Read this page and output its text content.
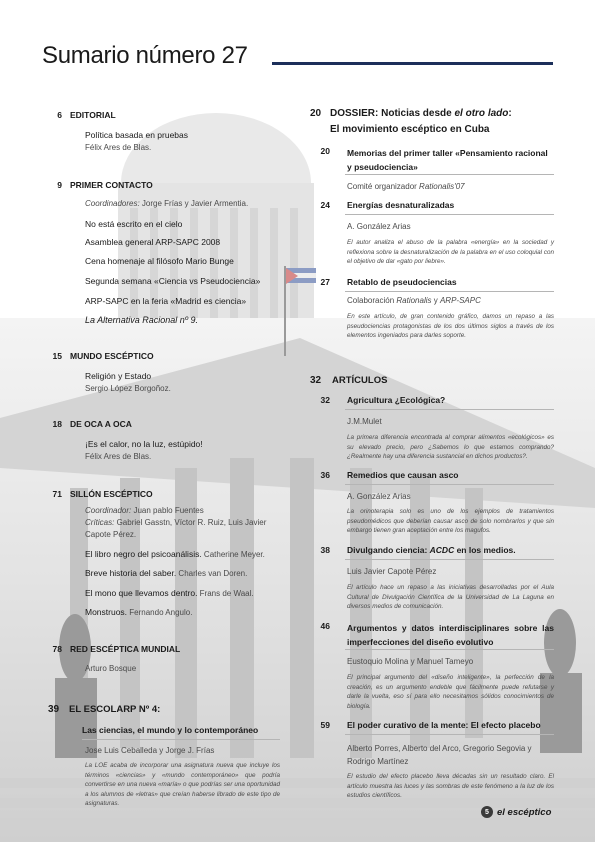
Sumario número 27
6 EDITORIAL
Política basada en pruebas
Félix Ares de Blas.
9 PRIMER CONTACTO
Coordinadores: Jorge Frías y Javier Armentia.
No está escrito en el cielo
Asamblea general ARP-SAPC 2008
Cena homenaje al filósofo Mario Bunge
Segunda semana «Ciencia vs Pseudociencia»
ARP-SAPC en la feria «Madrid es ciencia»
La Alternativa Racional nº 9.
15 MUNDO ESCÉPTICO
Religión y Estado
Sergio López Borgoñoz.
18 DE OCA A OCA
¡Es el calor, no la luz, estúpido!
Félix Ares de Blas.
71 SILLÓN ESCÉPTICO
Coordinador: Juan pablo Fuentes
Críticas: Gabriel Gasstn, Víctor R. Ruiz, Luis Javier
Capote Pérez.
El libro negro del psicoanálisis. Catherine Meyer.
Breve historia del saber. Charles van Doren.
El mono que llevamos dentro. Frans de Waal.
Monstruos. Fernando Angulo.
78 RED ESCÉPTICA MUNDIAL
Arturo Bosque
39 EL ESCOLARP Nº 4:
Las ciencias, el mundo y lo contemporáneo
Jose Luis Ceballeda y Jorge J. Frías
La LOE acaba de incorporar una asignatura nueva que incluye los términos «ciencias» y «mundo contemporáneo» que podría convertirse en una nueva «maría» o que podrías ser una oportunidad a los alumnos de «letras» que creían haberse librado de este tipo de asignaturas.
20 DOSSIER: Noticias desde el otro lado:
El movimiento escéptico en Cuba
20 Memorias del primer taller «Pensamiento racional y pseudociencia»
Comité organizador Rationalis'07
24 Energías desnaturalizadas
A. González Arias
El autor analiza el abuso de la palabra «energía» en la sociedad y reflexiona sobre la desnaturalización de la palabra en el uso coloquial con el objetivo de dar «gato por liebre».
27 Retablo de pseudociencias
Colaboración Rationalis y ARP-SAPC
En este artículo, de gran contenido gráfico, damos un repaso a las pseudociencias protagonistas de los dos últimos siglos a través de los elementos ingeniados para darles soporte.
32 ARTÍCULOS
32 Agricultura ¿Ecológica?
J.M.Mulet
La primera diferencia encontrada al comprar alimentos «ecológicos» es su elevado precio, pero ¿Sabemos lo que estamos comprando? ¿Realmente hay una diferencia sustancial en dichos productos?.
36 Remedios que causan asco
A. González Arias
La orinoterapia solo es uno de los ejemplos de tratamientos pseudomédicos que deberían causar asco de solo nombrarlos y que sin embargo tienen gran aceptación entre los magufos.
38 Divulgando ciencia: ACDC en los medios.
Luis Javier Capote Pérez
El artículo hace un repaso a las iniciativas desarrolladas por el Aula Cultural de Divulgación Científica de la Universidad de La Laguna en diversos medios de comunicación.
46 Argumentos y datos interdisciplinares sobre las imperfecciones del diseño evolutivo
Eustoquio Molina y Manuel Tameyo
El principal argumento del «diseño inteligente», la perfección de la creación, es un argumento endeble que fácilmente puede refutarse y darle la vuelta, eso sí para ello necesitamos sólidos conocimientos de biología.
59 El poder curativo de la mente: El efecto placebo
Alberto Porres, Alberto del Arco, Gregorio Segovia y Rodrigo Martínez
El estudio del efecto placebo lleva décadas sin un resultado claro. El artículo muestra las luces y las sombras de este fenómeno a la luz de los estudios científicos.
5 el escéptico
